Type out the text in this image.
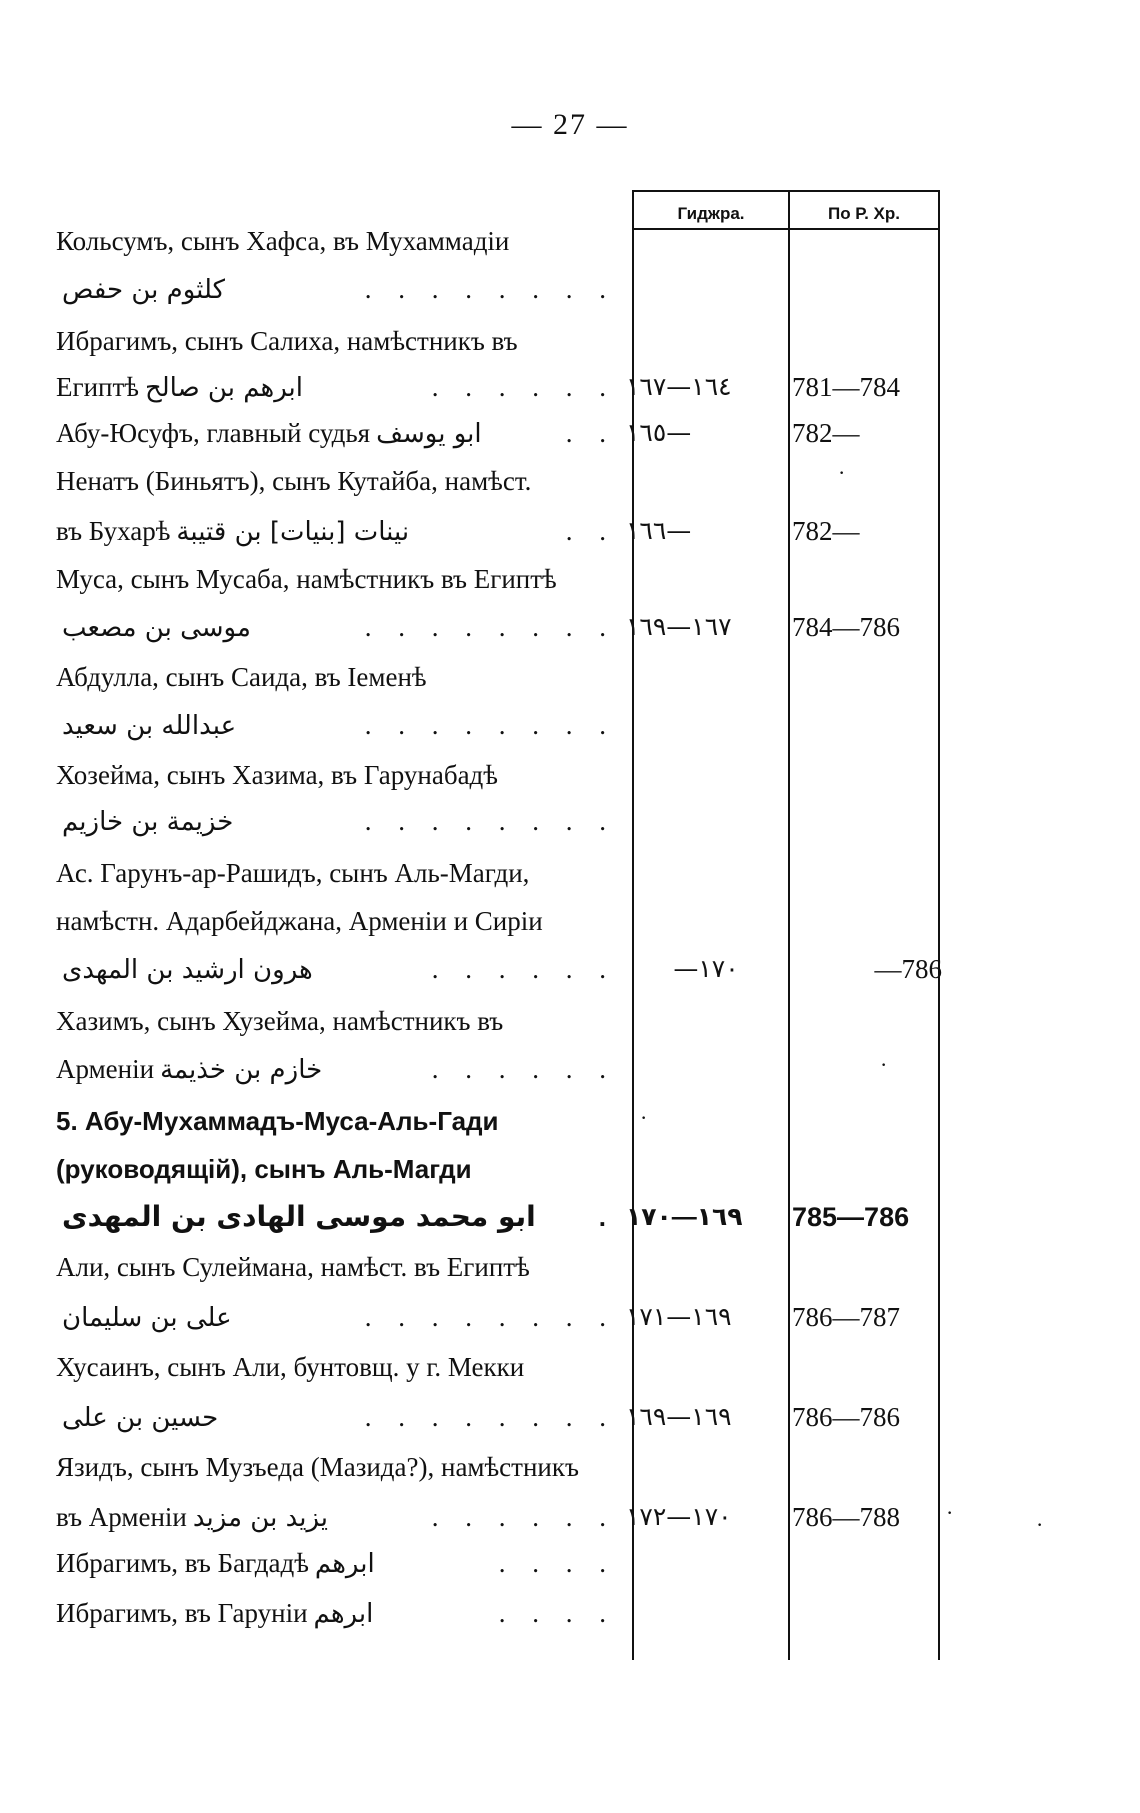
— 27 —
Гиджра.	По Р. Хр.
Кольсумъ, сынъ Хафса, въ Мухаммадіи
كلثوم بن حفص	. . . . . . . .
Ибрагимъ, сынъ Салиха, намѣстникъ въ
Египтѣ ابرهم بن صالح	. . . . . . ١٦٤—١٦٧	781—784
Абу-Юсуфъ, главный судья ابو يوسف	. . ١٦٥—	782—
Ненатъ (Биньятъ), сынъ Кутайба, намѣст.
въ Бухарѣ نينات [بنيات] بن قتيبة	. . ١٦٦—	782—
Муса, сынъ Мусаба, намѣстникъ въ Египтѣ
موسى بن مصعب	. . . . . . . . ١٦٧—١٦٩	784—786
Абдулла, сынъ Саида, въ Іеменѣ
عبدالله بن سعيد	. . . . . . . .
Хозейма, сынъ Хазима, въ Гарунабадѣ
خزيمة بن خازيم	. . . . . . . .
Ас. Гарунъ-ар-Рашидъ, сынъ Аль-Магди,
намѣстн. Адарбейджана, Арменіи и Сиріи
هرون ارشيد بن المهدى	. . . . . .	—١٧٠	—786
Хазимъ, сынъ Хузейма, намѣстникъ въ
Арменіи خازم بن خذيمة	. . . . . .
5. Абу-Мухаммадъ-Муса-Аль-Гади
(руководящій), сынъ Аль-Магди
ابو محمد موسى الهادى بن المهدى . ١٦٩—١٧٠	785—786
Али, сынъ Сулеймана, намѣст. въ Египтѣ
على بن سليمان	. . . . . . . . ١٦٩—١٧١	786—787
Хусаинъ, сынъ Али, бунтовщ. у г. Мекки
حسين بن على	. . . . . . . . ١٦٩—١٦٩	786—786
Язидъ, сынъ Музъеда (Мазида?), намѣстникъ
въ Арменіи يزيد بن مزيد	. . . . . . ١٧٠—١٧٢	786—788
Ибрагимъ, въ Багдадѣ ابرهم	. . . .
Ибрагимъ, въ Гаруніи ابرهم	. . . .
·
·
·
·	·
